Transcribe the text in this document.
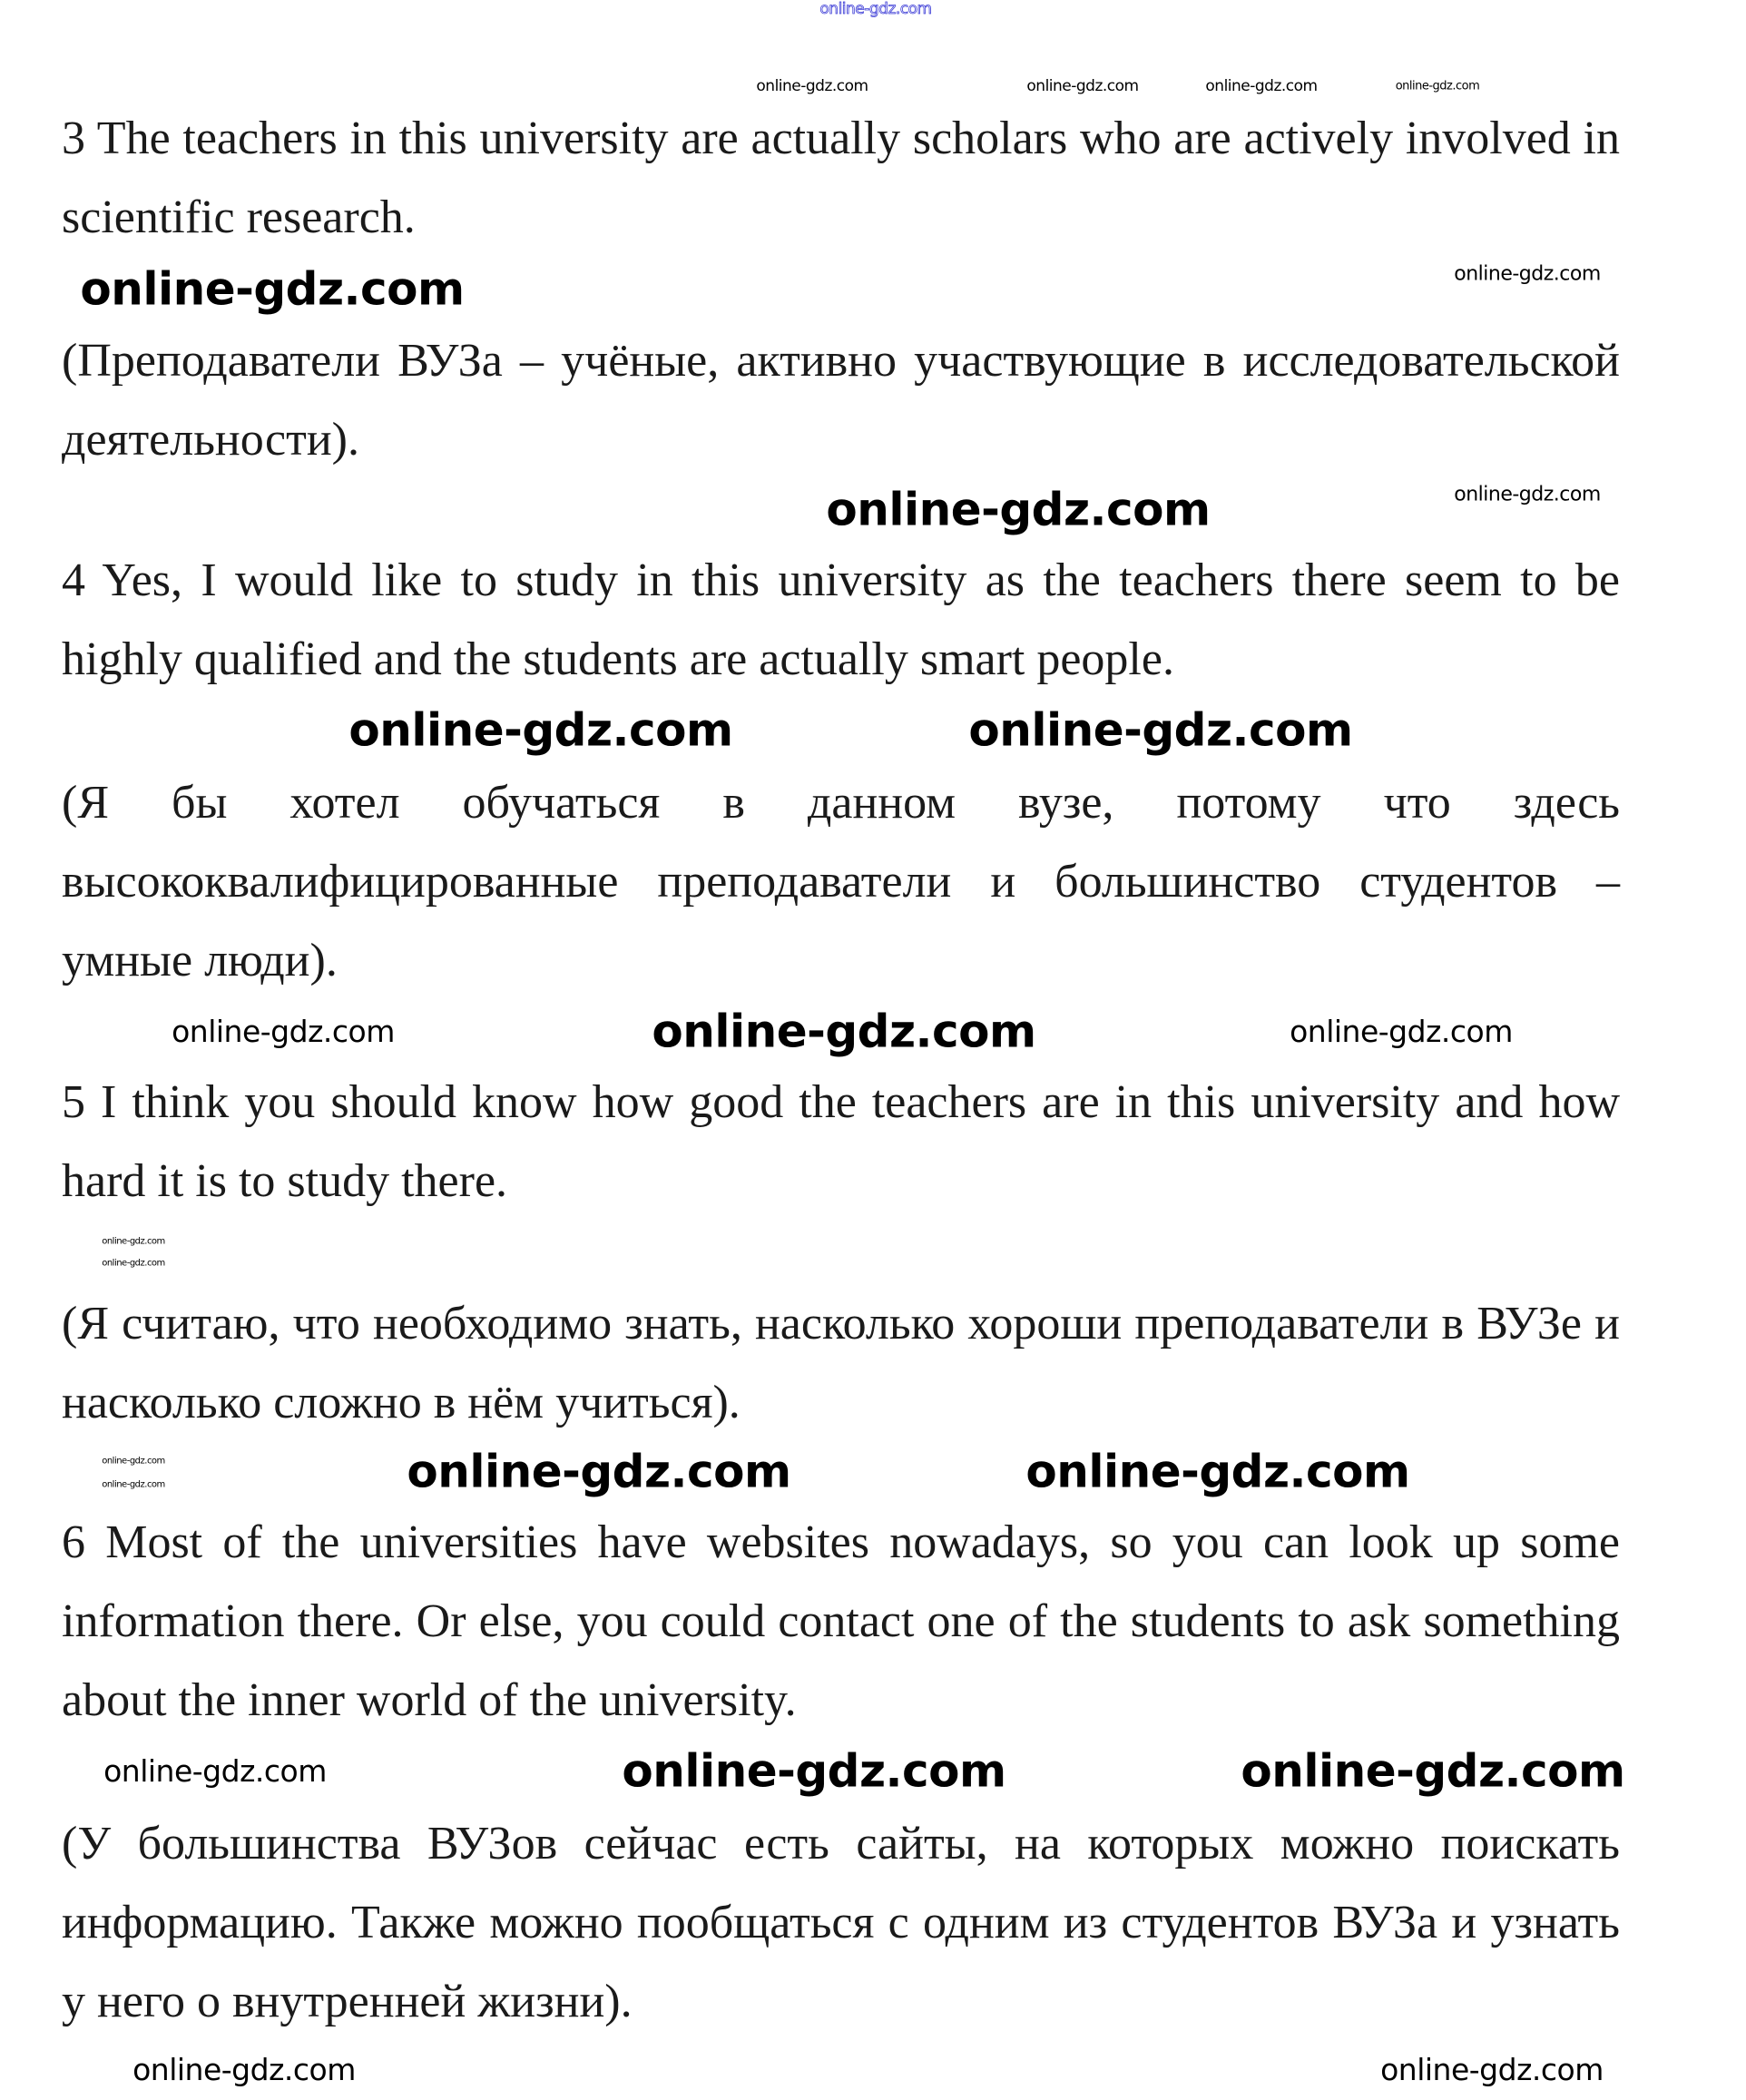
3 The teachers in this university are actually scholars who are actively involved in scientific research.

(Преподаватели ВУЗа – учёные, активно участвующие в исследовательской деятельности).

4 Yes, I would like to study in this university as the teachers there seem to be highly qualified and the students are actually smart people.

(Я бы хотел обучаться в данном вузе, потому что здесь высококвалифицированные преподаватели и большинство студентов – умные люди).

5 I think you should know how good the teachers are in this university and how hard it is to study there.

(Я считаю, что необходимо знать, насколько хороши преподаватели в ВУЗе и насколько сложно в нём учиться).

6 Most of the universities have websites nowadays, so you can look up some information there. Or else, you could contact one of the students to ask something about the inner world of the university.

(У большинства ВУЗов сейчас есть сайты, на которых можно поискать информацию. Также можно пообщаться с одним из студентов ВУЗа и узнать у него о внутренней жизни).

online-gdz.com
online-gdz.com
online-gdz.com	online-gdz.com	online-gdz.com
online-gdz.com
online-gdz.com
online-gdz.com
online-gdz.com
online-gdz.com	online-gdz.com
online-gdz.com	online-gdz.com	online-gdz.com
online-gdz.com
online-gdz.com
online-gdz.com
online-gdz.com	online-gdz.com
online-gdz.com
online-gdz.com
online-gdz.com	online-gdz.com
online-gdz.com	online-gdz.com
